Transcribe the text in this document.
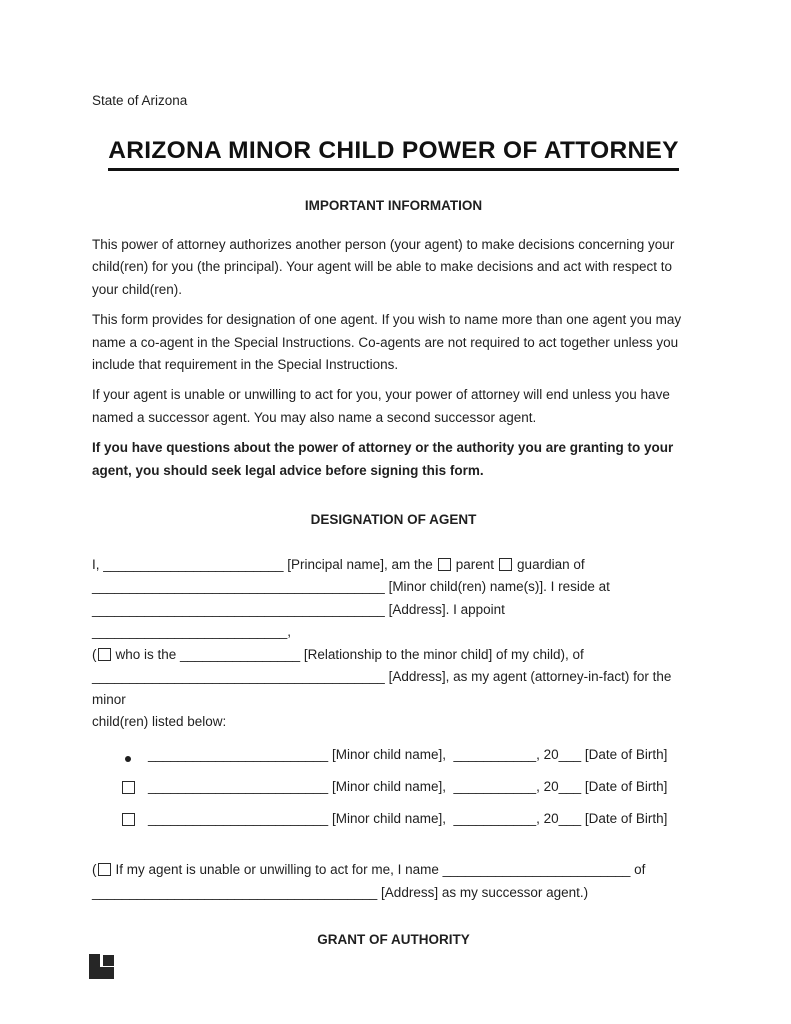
State of Arizona
ARIZONA MINOR CHILD POWER OF ATTORNEY
IMPORTANT INFORMATION

This power of attorney authorizes another person (your agent) to make decisions concerning your child(ren) for you (the principal). Your agent will be able to make decisions and act with respect to your child(ren).

This form provides for designation of one agent. If you wish to name more than one agent you may name a co-agent in the Special Instructions. Co-agents are not required to act together unless you include that requirement in the Special Instructions.

If your agent is unable or unwilling to act for you, your power of attorney will end unless you have named a successor agent. You may also name a second successor agent.

If you have questions about the power of attorney or the authority you are granting to your agent, you should seek legal advice before signing this form.

DESIGNATION OF AGENT
I, ________________________ [Principal name], am the parent guardian of
_______________________________________ [Minor child(ren) name(s)]. I reside at
_______________________________________ [Address]. I appoint __________________________,
( who is the ________________ [Relationship to the minor child] of my child), of
_______________________________________ [Address], as my agent (attorney-in-fact) for the minor
child(ren) listed below:
________________________ [Minor child name],  ___________, 20___ [Date of Birth]
________________________ [Minor child name],  ___________, 20___ [Date of Birth]
________________________ [Minor child name],  ___________, 20___ [Date of Birth]
( If my agent is unable or unwilling to act for me, I name _________________________ of
______________________________________ [Address] as my successor agent.)
GRANT OF AUTHORITY
